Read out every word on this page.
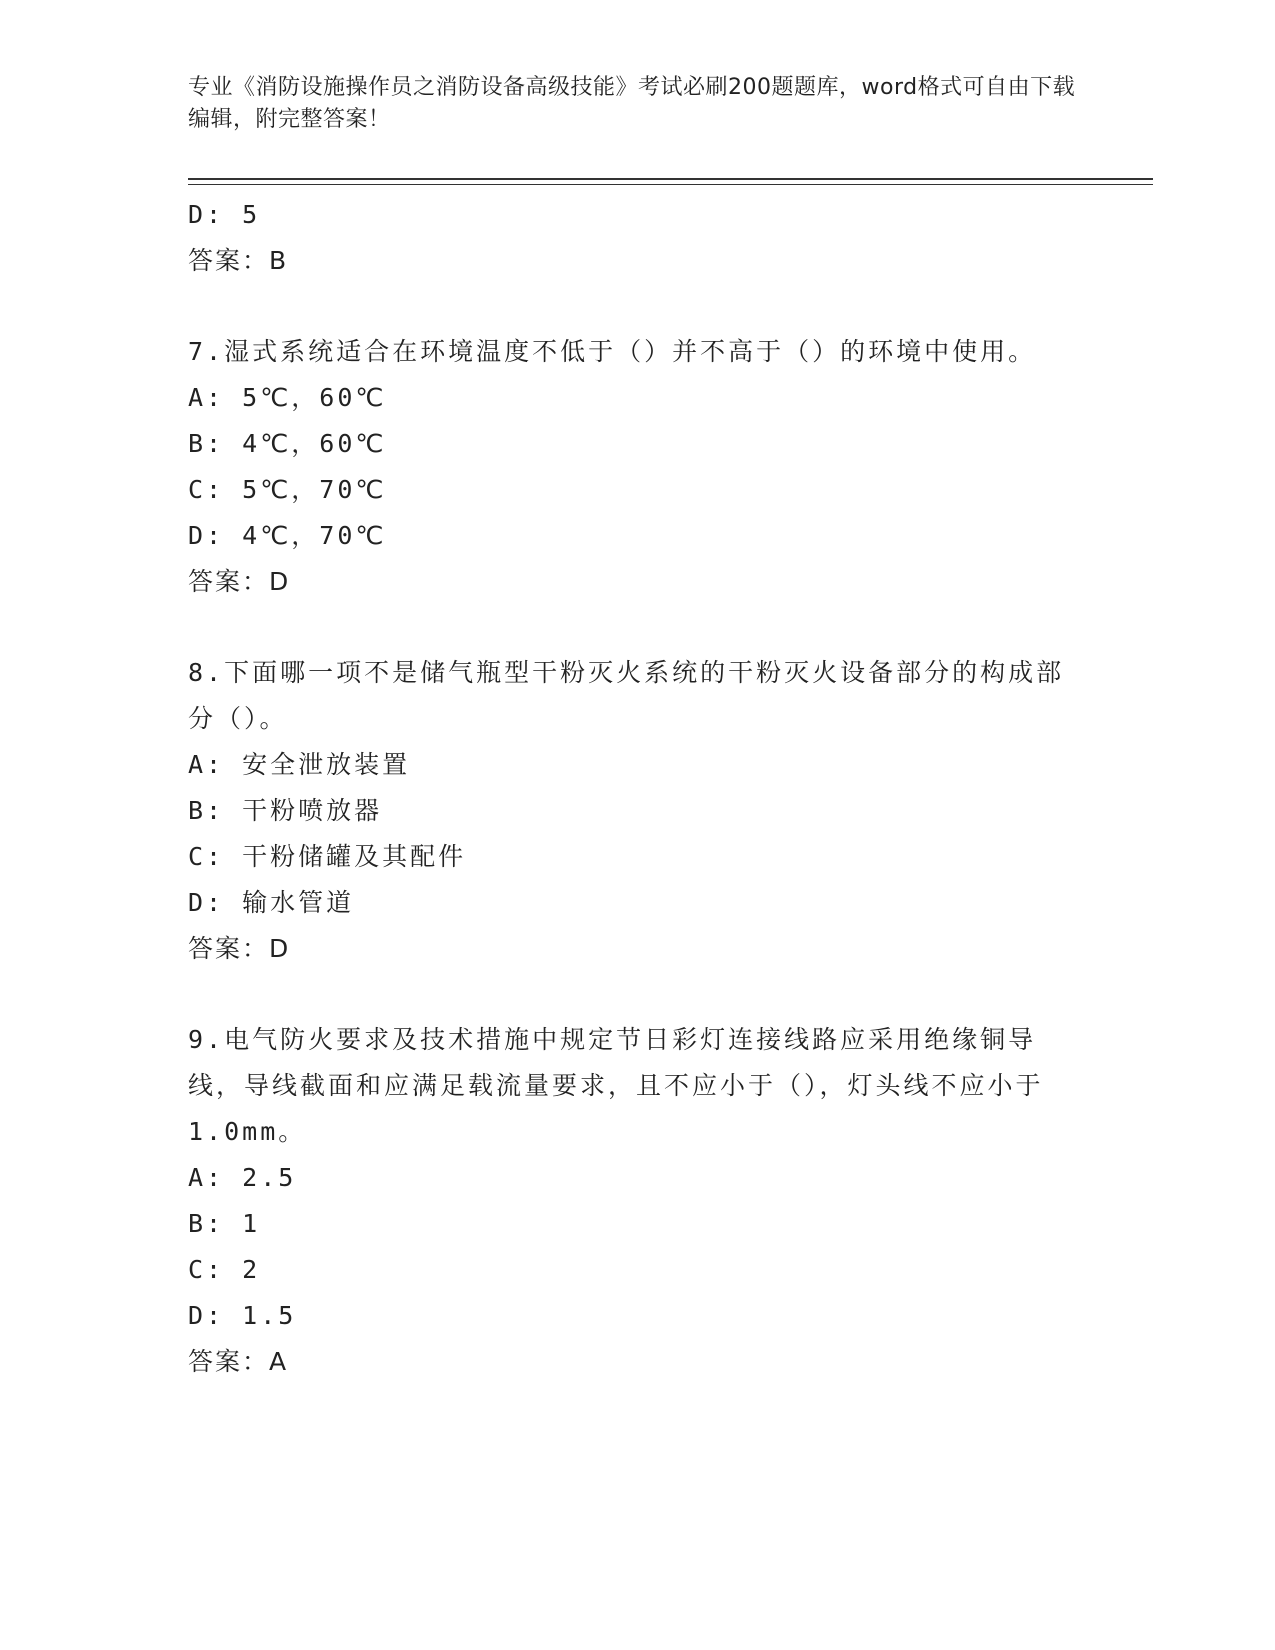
专业《消防设施操作员之消防设备高级技能》考试必刷200题题库，word格式可自由下载编辑，附完整答案！
D: 5
答案：B
7.湿式系统适合在环境温度不低于（）并不高于（）的环境中使用。
A: 5℃，60℃
B: 4℃，60℃
C: 5℃，70℃
D: 4℃，70℃
答案：D
8.下面哪一项不是储气瓶型干粉灭火系统的干粉灭火设备部分的构成部分（）。
A: 安全泄放装置
B: 干粉喷放器
C: 干粉储罐及其配件
D: 输水管道
答案：D
9.电气防火要求及技术措施中规定节日彩灯连接线路应采用绝缘铜导线，导线截面和应满足载流量要求，且不应小于（），灯头线不应小于1.0mm。
A: 2.5
B: 1
C: 2
D: 1.5
答案：A
